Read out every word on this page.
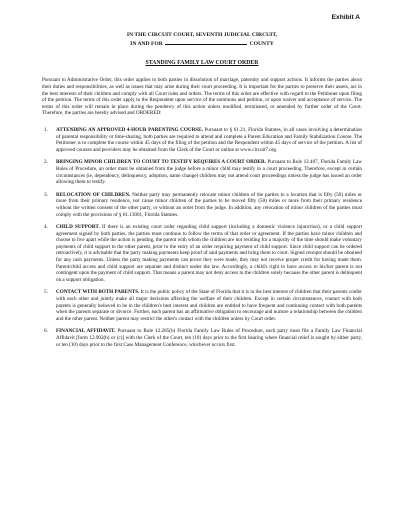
Exhibit A
IN THE CIRCUIT COURT, SEVENTH JUDICIAL CIRCUIT,
IN AND FOR	COUNTY
STANDING FAMILY LAW COURT ORDER

Pursuant to Administrative Order, this order applies to both parties in dissolution of marriage, paternity and support actions. It informs the parties about their duties and responsibilities, as well as issues that may arise during their court proceeding. It is important for the parties to preserve their assets, act in the best interests of their children and comply with all Court rules and orders. The terms of this order are effective with regard to the Petitioner upon filing of the petition. The terms of this order apply to the Respondent upon service of the summons and petition, or upon waiver and acceptance of service. The terms of this order will remain in place during the pendency of this action unless modified, terminated, or amended by further order of the Court. Therefore, the parties are hereby advised and ORDERED:

1. ATTENDING AN APPROVED 4-HOUR PARENTING COURSE. Pursuant to § 61.21, Florida Statutes, in all cases involving a determination of parental responsibility or time-sharing, both parties are required to attend and complete a Parent Education and Family Stabilization Course. The Petitioner is to complete the course within 45 days of the filing of the petition and the Respondent within 45 days of service of the petition. A list of approved courses and providers may be obtained from the Clerk of the Court or online at www.circuit7.org.
2. BRINGING MINOR CHILDREN TO COURT TO TESTIFY REQUIRES A COURT ORDER. Pursuant to Rule 12.407, Florida Family Law Rules of Procedure, an order must be obtained from the judge before a minor child may testify in a court proceeding. Therefore, except in certain circumstances (ie, dependency, delinquency, adoption, name change) children may not attend court proceedings unless the judge has issued an order allowing them to testify.
3. RELOCATION OF CHILDREN. Neither party may permanently relocate minor children of the parties to a location that is fifty (50) miles or more from their primary residence, nor cause minor children of the parties to be moved fifty (50) miles or more from their primary residence without the written consent of the other party, or without an order from the judge. In addition, any relocation of minor children of the parties must comply with the provisions of § 61.13001, Florida Statutes.
4. CHILD SUPPORT. If there is an existing court order regarding child support (including a domestic violence injunction), or a child support agreement signed by both parties, the parties must continue to follow the terms of that order or agreement. If the parties have minor children and choose to live apart while the action is pending, the parent with whom the children are not residing for a majority of the time should make voluntary payments of child support to the other parent, prior to the entry of an order requiring payment of child support. Since child support can be ordered retroactively, it is advisable that the party making payments keep proof of said payments and bring them to court. Signed receipts should be obtained for any cash payments. Unless the party making payments can prove they were made, they may not receive proper credit for having made them. Parent/child access and child support are separate and distinct under the law. Accordingly, a child's right to have access to his/her parent is not contingent upon the payment of child support. That means a parent may not deny access to the children solely because the other parent is delinquent on a support obligation.
5. CONTACT WITH BOTH PARENTS. It is the public policy of the State of Florida that it is in the best interest of children that their parents confer with each other and jointly make all major decisions affecting the welfare of their children. Except in certain circumstances, contact with both parents is generally believed to be in the children's best interest and children are entitled to have frequent and continuing contact with both parents when the parents separate or divorce. Further, each parent has an affirmative obligation to encourage and nurture a relationship between the children and the other parent. Neither parent may restrict the other's contact with the children unless by Court order.
6. FINANCIAL AFFIDAVIT. Pursuant to Rule 12.285(b) Florida Family Law Rules of Procedure, each party must file a Family Law Financial Affidavit [form 12.902(b) or (c)] with the Clerk of the Court, ten (10) days prior to the first hearing where financial relief is sought by either party, or ten (10) days prior to the first Case Management Conference, whichever occurs first.
